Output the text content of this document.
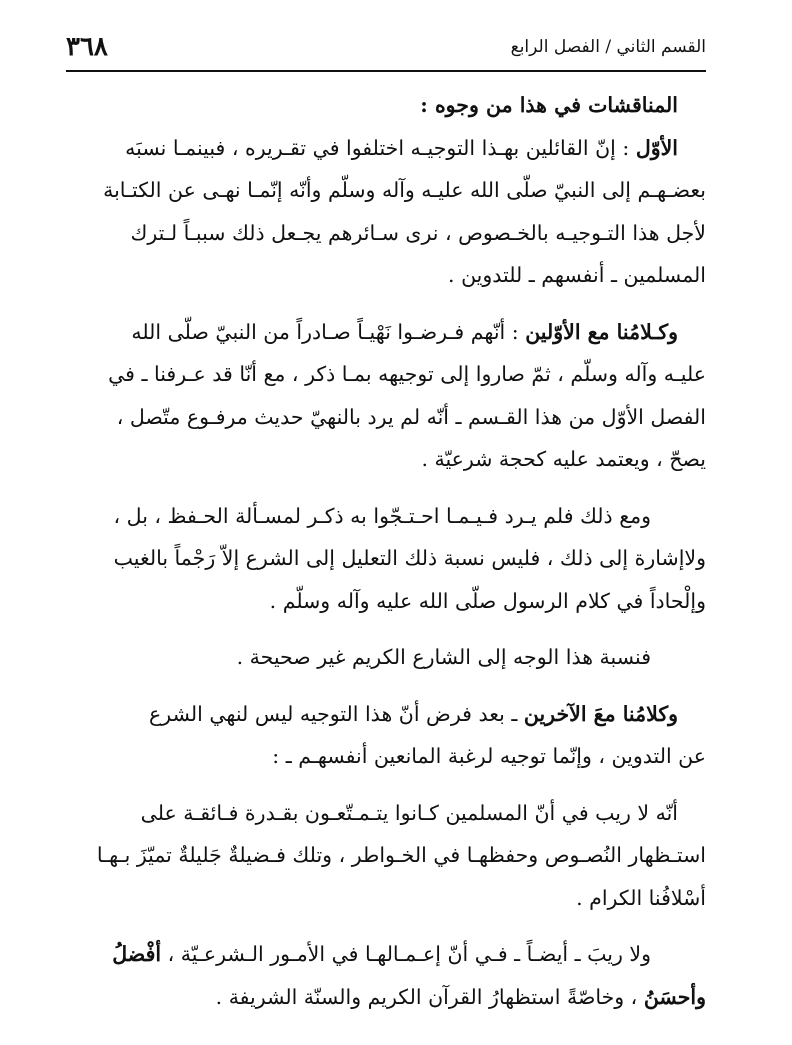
القسم الثاني / الفصل الرابع
٣٦٨

المناقشات في هذا من وجوه :

الأوّل : إنّ القائلين بهـذا التوجيـه اختلفوا في تقـريره ، فبينمـا نسبَه
بعضـهـم إلى النبيّ صلّى الله عليـه وآله وسلّم وأنّه إنّمـا نهـى عن الكتـابة
لأجل هذا التـوجيـه بالخـصوص ، نرى سـائرهم يجـعل ذلك سببـاً لـترك
المسلمين ـ أنفسهم ـ للتدوين .

وكـلامُنا مع الأوّلين : أنّهم فـرضـوا نَهْيـاً صـادراً من النبيّ صلّى الله
عليـه وآله وسلّم ، ثمّ صاروا إلى توجيهه بمـا ذكر ، مع أنّا قد عـرفنا ـ في
الفصل الأوّل من هذا القـسم ـ أنّه لم يرد بالنهيّ حديث مرفـوع متّصل ،
يصحّ ، ويعتمد عليه كحجة شرعيّة .

ومع ذلك فلم يـرد فـيـمـا احـتـجّوا به ذكـر لمسـألة الحـفظ ، بل ،
ولاإشارة إلى ذلك ، فليس نسبة ذلك التعليل إلى الشرع إلاّ رَجْماً بالغيب
وإلْحاداً في كلام الرسول صلّى الله عليه وآله وسلّم .

فنسبة هذا الوجه إلى الشارع الكريم غير صحيحة .

وكلامُنا معَ الآخرين ـ بعد فرض أنّ هذا التوجيه ليس لنهي الشرع
عن التدوين ، وإنّما توجيه لرغبة المانعين أنفسهـم ـ :

أنّه لا ريب في أنّ المسلمين كـانوا يتـمـتّعـون بقـدرة فـائقـة على
استـظهار النُصـوص وحفظهـا في الخـواطر ، وتلك فـضيلةٌ جَليلةٌ تميّزَ بـهـا
أسْلافُنا الكرام .

ولا ريبَ ـ أيضـاً ـ فـي أنّ إعـمـالهـا في الأمـور الـشرعـيّة ، أفْضلُ
وأحسَنُ ، وخاصّةً استظهارُ القرآن الكريم والسنّة الشريفة .
